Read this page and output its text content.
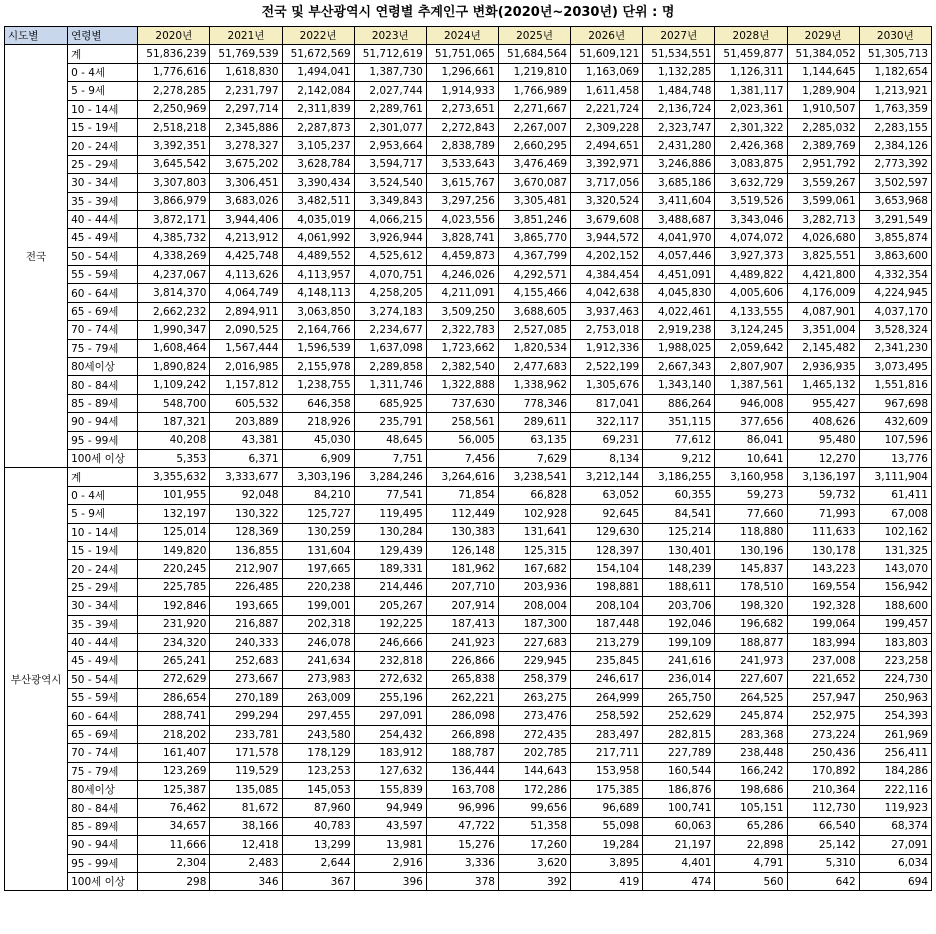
전국 및 부산광역시 연령별 추계인구 변화(2020년~2030년) 단위 : 명
시도별	연령별	2020년	2021년	2022년	2023년	2024년	2025년	2026년	2027년	2028년	2029년	2030년
전국	계	51,836,239	51,769,539	51,672,569	51,712,619	51,751,065	51,684,564	51,609,121	51,534,551	51,459,877	51,384,052	51,305,713
	0 - 4세	1,776,616	1,618,830	1,494,041	1,387,730	1,296,661	1,219,810	1,163,069	1,132,285	1,126,311	1,144,645	1,182,654
	5 - 9세	2,278,285	2,231,797	2,142,084	2,027,744	1,914,933	1,766,989	1,611,458	1,484,748	1,381,117	1,289,904	1,213,921
	10 - 14세	2,250,969	2,297,714	2,311,839	2,289,761	2,273,651	2,271,667	2,221,724	2,136,724	2,023,361	1,910,507	1,763,359
	15 - 19세	2,518,218	2,345,886	2,287,873	2,301,077	2,272,843	2,267,007	2,309,228	2,323,747	2,301,322	2,285,032	2,283,155
	20 - 24세	3,392,351	3,278,327	3,105,237	2,953,664	2,838,789	2,660,295	2,494,651	2,431,280	2,426,368	2,389,769	2,384,126
	25 - 29세	3,645,542	3,675,202	3,628,784	3,594,717	3,533,643	3,476,469	3,392,971	3,246,886	3,083,875	2,951,792	2,773,392
	30 - 34세	3,307,803	3,306,451	3,390,434	3,524,540	3,615,767	3,670,087	3,717,056	3,685,186	3,632,729	3,559,267	3,502,597
	35 - 39세	3,866,979	3,683,026	3,482,511	3,349,843	3,297,256	3,305,481	3,320,524	3,411,604	3,519,526	3,599,061	3,653,968
	40 - 44세	3,872,171	3,944,406	4,035,019	4,066,215	4,023,556	3,851,246	3,679,608	3,488,687	3,343,046	3,282,713	3,291,549
	45 - 49세	4,385,732	4,213,912	4,061,992	3,926,944	3,828,741	3,865,770	3,944,572	4,041,970	4,074,072	4,026,680	3,855,874
	50 - 54세	4,338,269	4,425,748	4,489,552	4,525,612	4,459,873	4,367,799	4,202,152	4,057,446	3,927,373	3,825,551	3,863,600
	55 - 59세	4,237,067	4,113,626	4,113,957	4,070,751	4,246,026	4,292,571	4,384,454	4,451,091	4,489,822	4,421,800	4,332,354
	60 - 64세	3,814,370	4,064,749	4,148,113	4,258,205	4,211,091	4,155,466	4,042,638	4,045,830	4,005,606	4,176,009	4,224,945
	65 - 69세	2,662,232	2,894,911	3,063,850	3,274,183	3,509,250	3,688,605	3,937,463	4,022,461	4,133,555	4,087,901	4,037,170
	70 - 74세	1,990,347	2,090,525	2,164,766	2,234,677	2,322,783	2,527,085	2,753,018	2,919,238	3,124,245	3,351,004	3,528,324
	75 - 79세	1,608,464	1,567,444	1,596,539	1,637,098	1,723,662	1,820,534	1,912,336	1,988,025	2,059,642	2,145,482	2,341,230
	80세이상	1,890,824	2,016,985	2,155,978	2,289,858	2,382,540	2,477,683	2,522,199	2,667,343	2,807,907	2,936,935	3,073,495
	80 - 84세	1,109,242	1,157,812	1,238,755	1,311,746	1,322,888	1,338,962	1,305,676	1,343,140	1,387,561	1,465,132	1,551,816
	85 - 89세	548,700	605,532	646,358	685,925	737,630	778,346	817,041	886,264	946,008	955,427	967,698
	90 - 94세	187,321	203,889	218,926	235,791	258,561	289,611	322,117	351,115	377,656	408,626	432,609
	95 - 99세	40,208	43,381	45,030	48,645	56,005	63,135	69,231	77,612	86,041	95,480	107,596
	100세 이상	5,353	6,371	6,909	7,751	7,456	7,629	8,134	9,212	10,641	12,270	13,776
부산광역시	계	3,355,632	3,333,677	3,303,196	3,284,246	3,264,616	3,238,541	3,212,144	3,186,255	3,160,958	3,136,197	3,111,904
	0 - 4세	101,955	92,048	84,210	77,541	71,854	66,828	63,052	60,355	59,273	59,732	61,411
	5 - 9세	132,197	130,322	125,727	119,495	112,449	102,928	92,645	84,541	77,660	71,993	67,008
	10 - 14세	125,014	128,369	130,259	130,284	130,383	131,641	129,630	125,214	118,880	111,633	102,162
	15 - 19세	149,820	136,855	131,604	129,439	126,148	125,315	128,397	130,401	130,196	130,178	131,325
	20 - 24세	220,245	212,907	197,665	189,331	181,962	167,682	154,104	148,239	145,837	143,223	143,070
	25 - 29세	225,785	226,485	220,238	214,446	207,710	203,936	198,881	188,611	178,510	169,554	156,942
	30 - 34세	192,846	193,665	199,001	205,267	207,914	208,004	208,104	203,706	198,320	192,328	188,600
	35 - 39세	231,920	216,887	202,318	192,225	187,413	187,300	187,448	192,046	196,682	199,064	199,457
	40 - 44세	234,320	240,333	246,078	246,666	241,923	227,683	213,279	199,109	188,877	183,994	183,803
	45 - 49세	265,241	252,683	241,634	232,818	226,866	229,945	235,845	241,616	241,973	237,008	223,258
	50 - 54세	272,629	273,667	273,983	272,632	265,838	258,379	246,617	236,014	227,607	221,652	224,730
	55 - 59세	286,654	270,189	263,009	255,196	262,221	263,275	264,999	265,750	264,525	257,947	250,963
	60 - 64세	288,741	299,294	297,455	297,091	286,098	273,476	258,592	252,629	245,874	252,975	254,393
	65 - 69세	218,202	233,781	243,580	254,432	266,898	272,435	283,497	282,815	283,368	273,224	261,969
	70 - 74세	161,407	171,578	178,129	183,912	188,787	202,785	217,711	227,789	238,448	250,436	256,411
	75 - 79세	123,269	119,529	123,253	127,632	136,444	144,643	153,958	160,544	166,242	170,892	184,286
	80세이상	125,387	135,085	145,053	155,839	163,708	172,286	175,385	186,876	198,686	210,364	222,116
	80 - 84세	76,462	81,672	87,960	94,949	96,996	99,656	96,689	100,741	105,151	112,730	119,923
	85 - 89세	34,657	38,166	40,783	43,597	47,722	51,358	55,098	60,063	65,286	66,540	68,374
	90 - 94세	11,666	12,418	13,299	13,981	15,276	17,260	19,284	21,197	22,898	25,142	27,091
	95 - 99세	2,304	2,483	2,644	2,916	3,336	3,620	3,895	4,401	4,791	5,310	6,034
	100세 이상	298	346	367	396	378	392	419	474	560	642	694
